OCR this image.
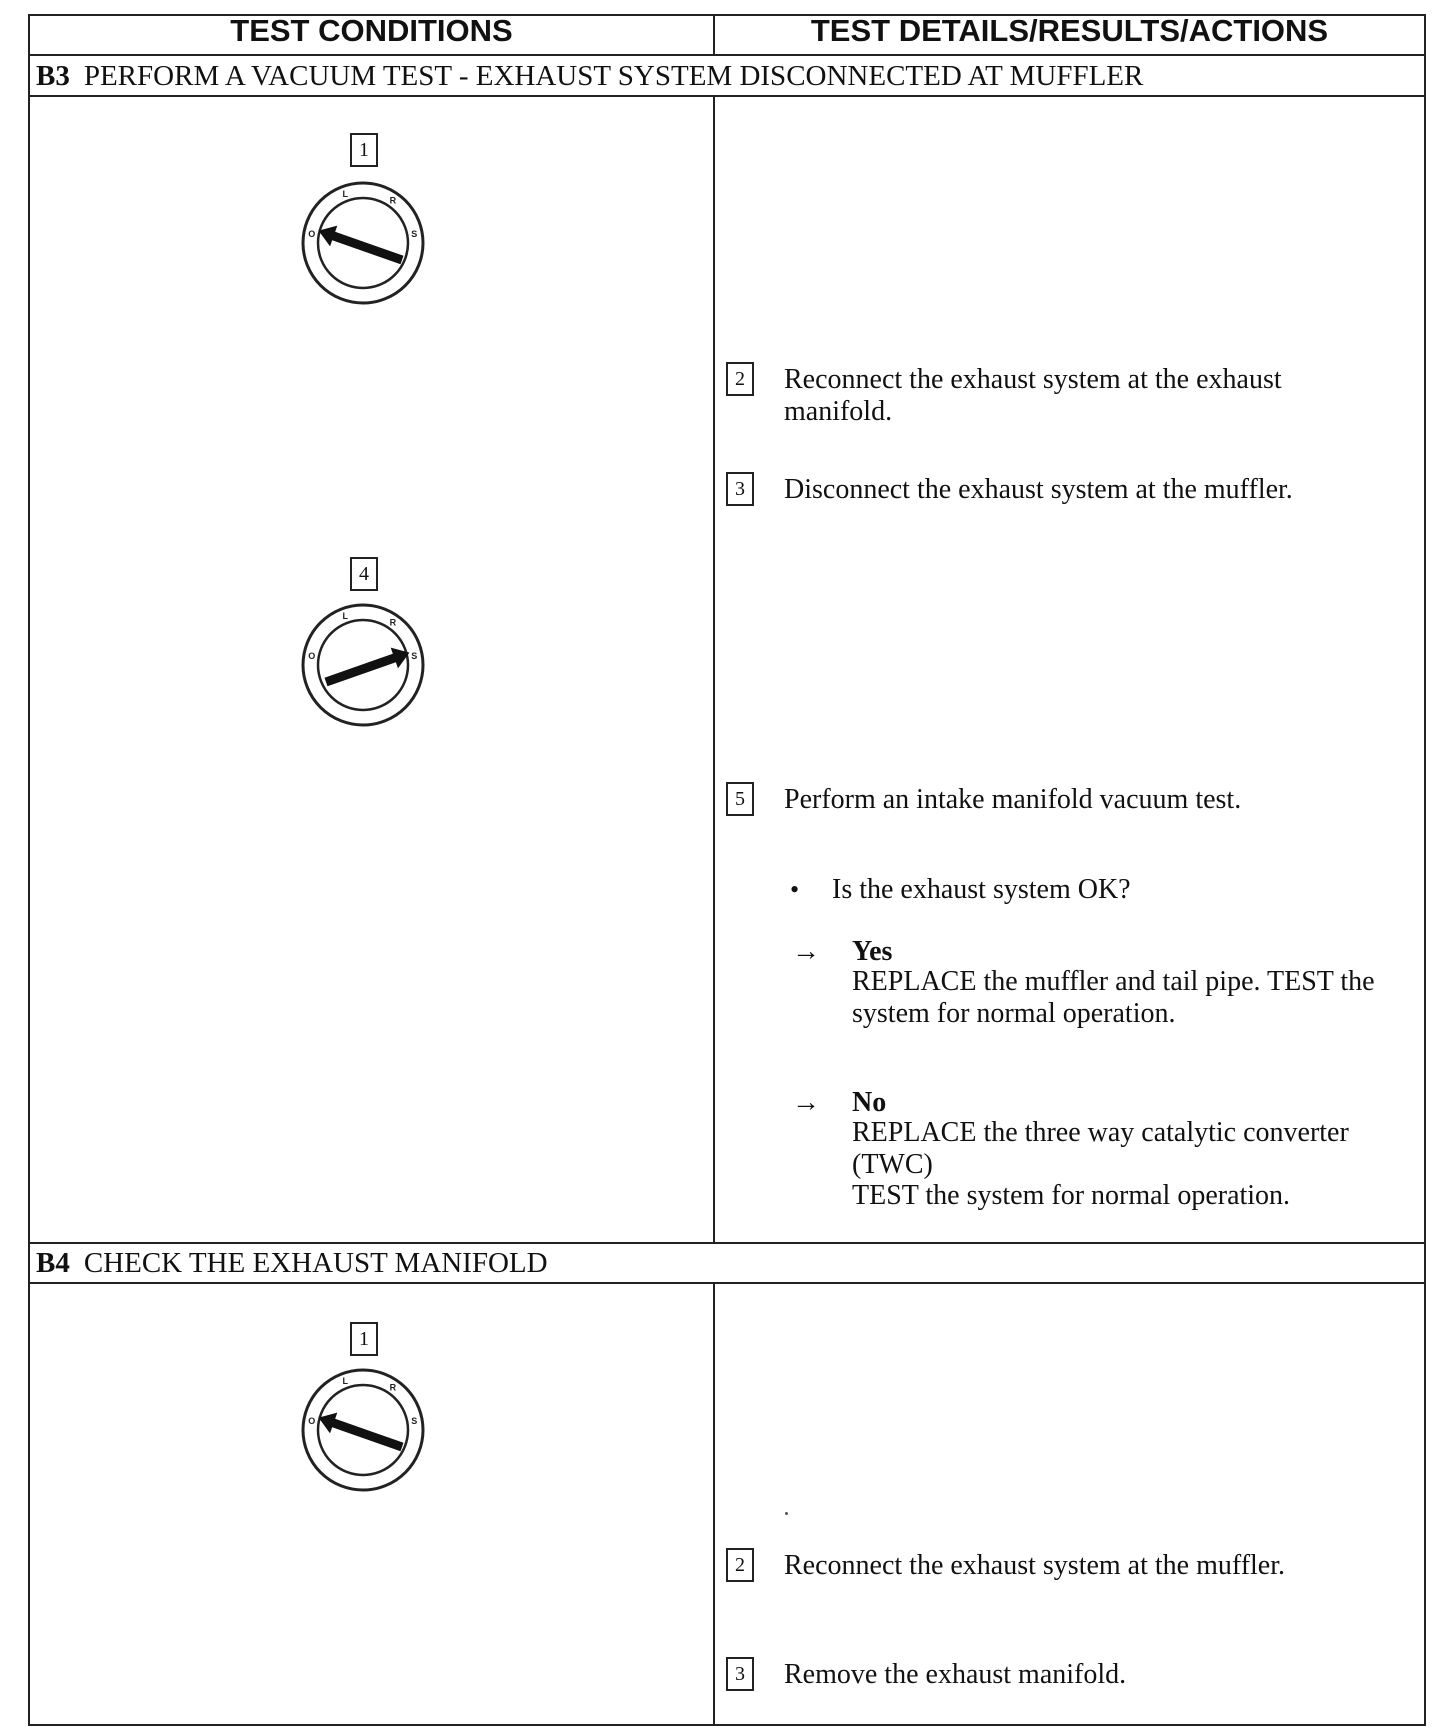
TEST CONDITIONS	TEST DETAILS/RESULTS/ACTIONS
B3 PERFORM A VACUUM TEST - EXHAUST SYSTEM DISCONNECTED AT MUFFLER
1
O
L
R
S
4
O
L
R
S
2	Reconnect the exhaust system at the exhaust manifold.
3	Disconnect the exhaust system at the muffler.
5	Perform an intake manifold vacuum test.
• Is the exhaust system OK?
→ Yes
REPLACE the muffler and tail pipe. TEST the system for normal operation.
→ No
REPLACE the three way catalytic converter (TWC)
TEST the system for normal operation.
B4 CHECK THE EXHAUST MANIFOLD
1
O
L
R
S
2	Reconnect the exhaust system at the muffler.
3	Remove the exhaust manifold.
